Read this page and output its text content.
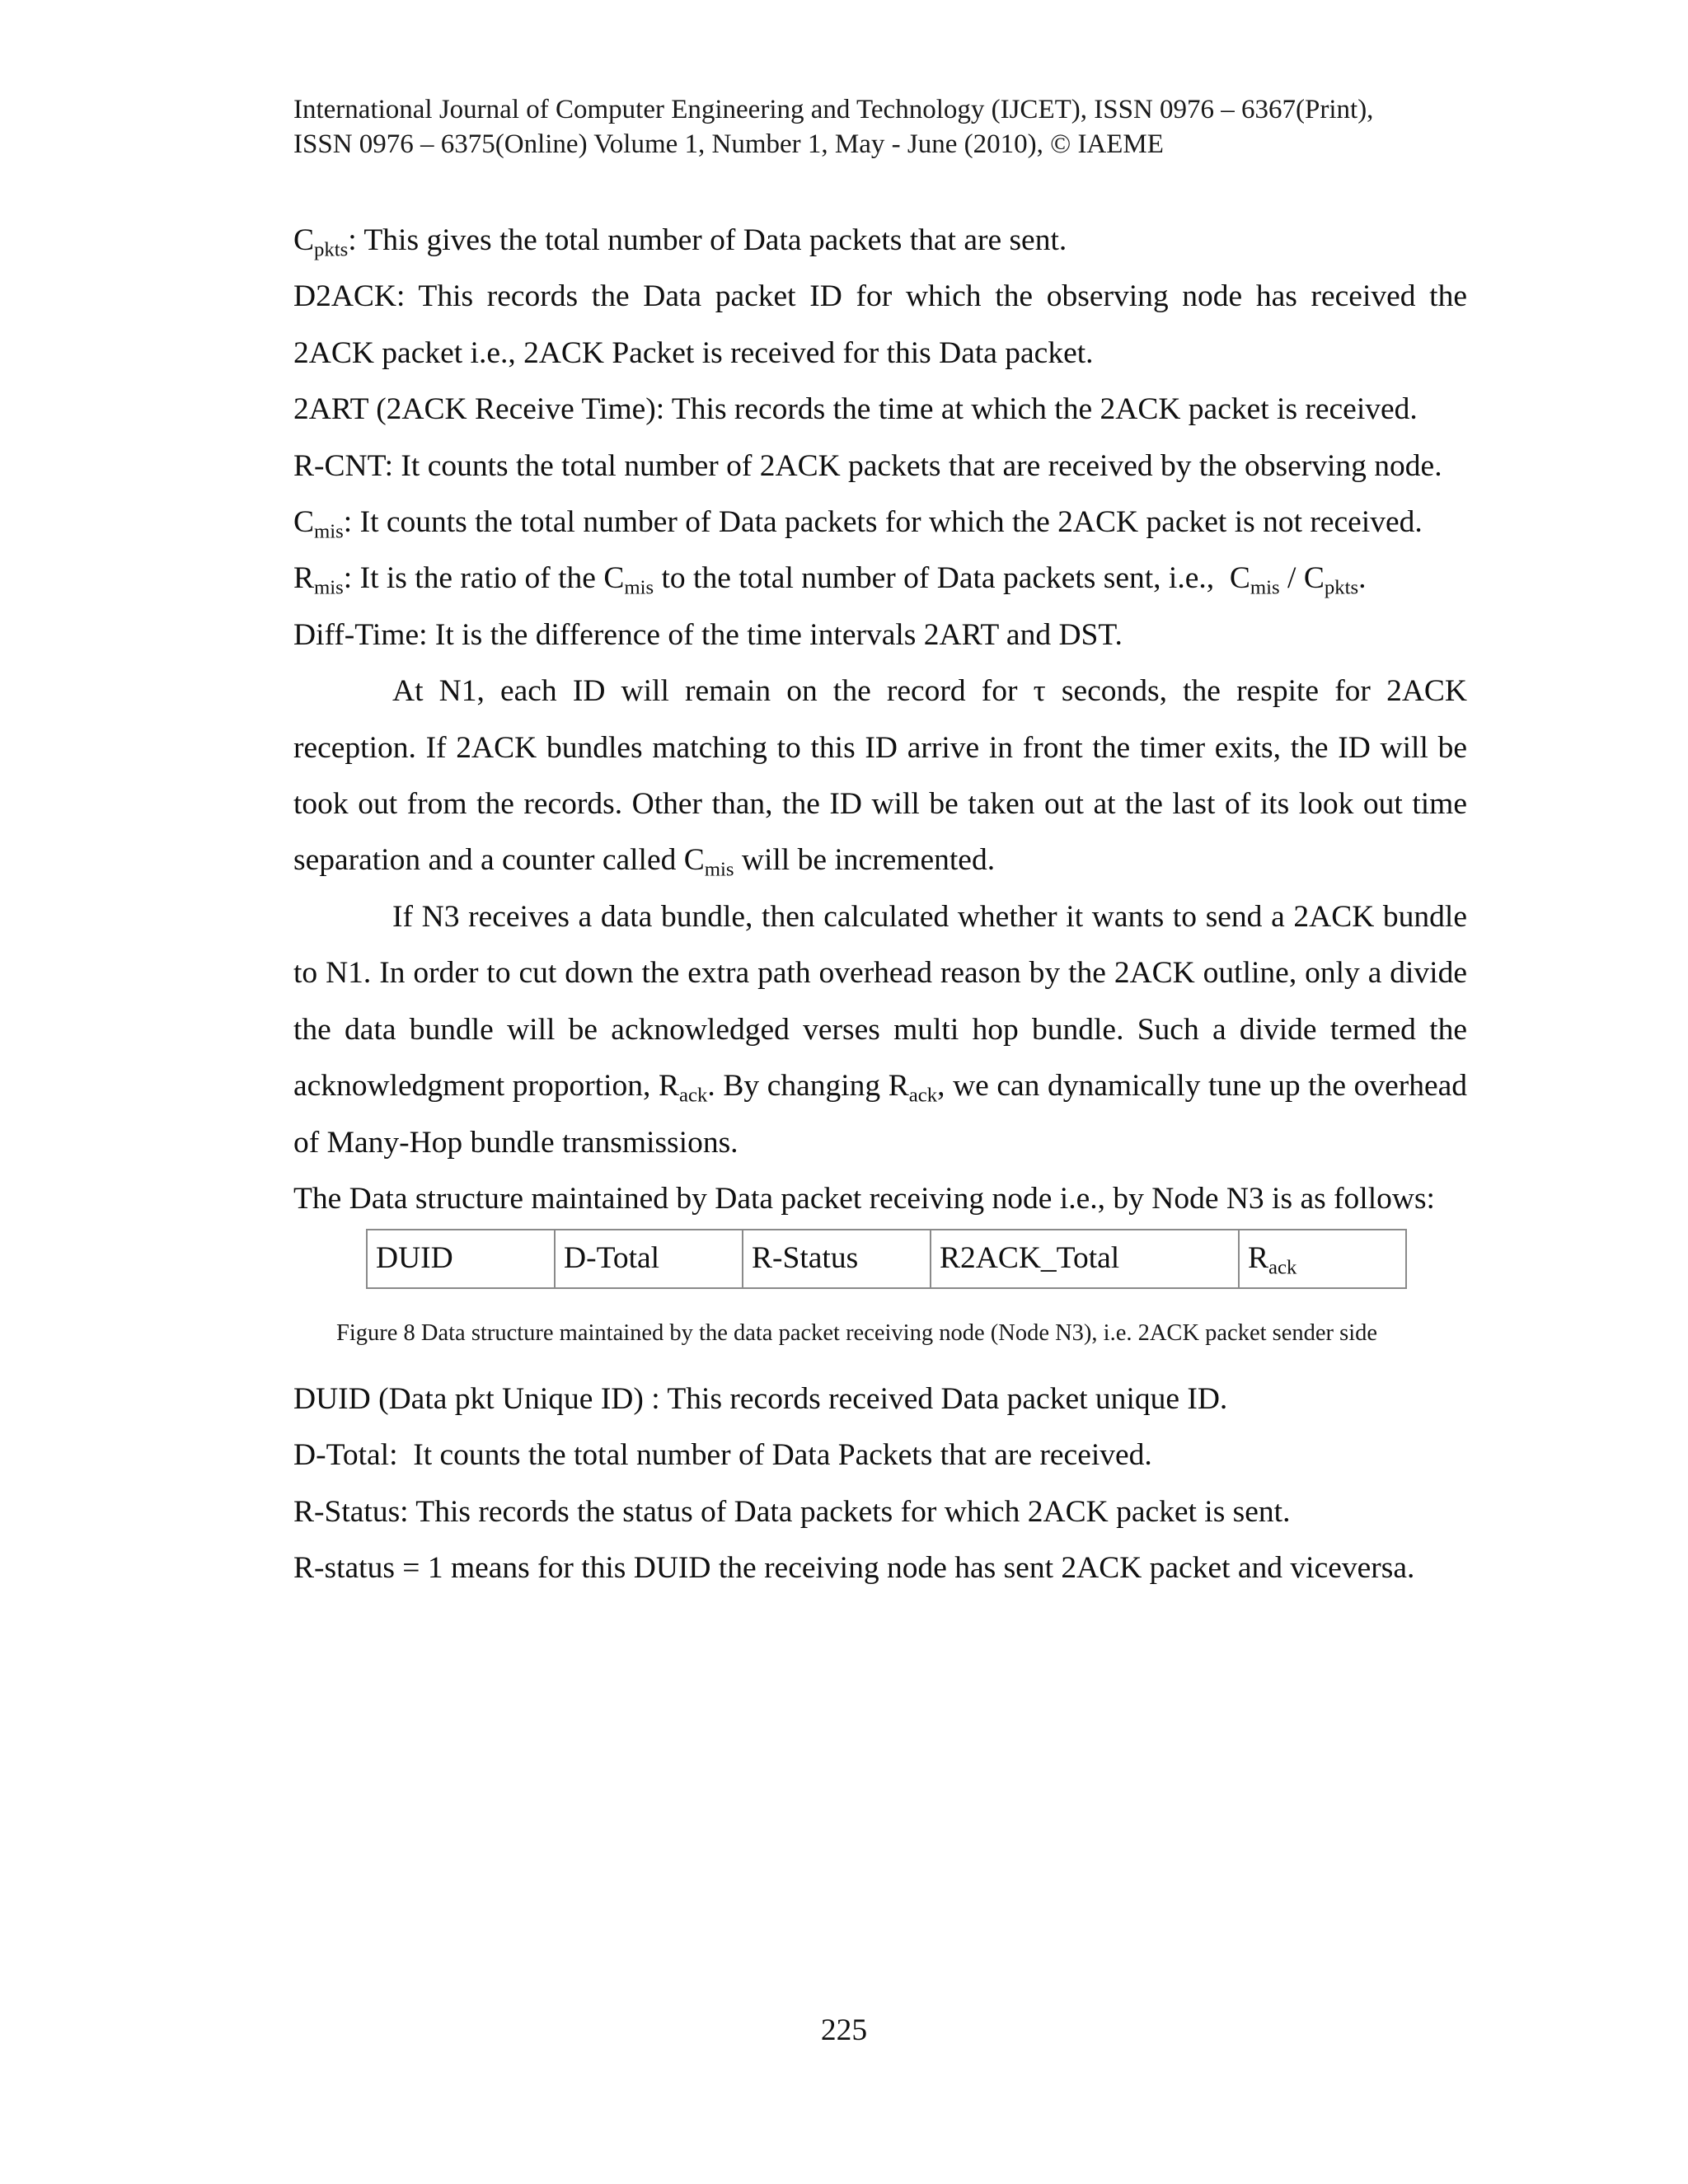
International Journal of Computer Engineering and Technology (IJCET), ISSN 0976 – 6367(Print),
ISSN 0976 – 6375(Online) Volume 1, Number 1, May - June (2010), © IAEME

$C_{pkts}$: This gives the total number of Data packets that are sent.

D2ACK: This records the Data packet ID for which the observing node has received the 2ACK packet i.e., 2ACK Packet is received for this Data packet.

2ART (2ACK Receive Time): This records the time at which the 2ACK packet is received.

R-CNT: It counts the total number of 2ACK packets that are received by the observing node.

$C_{mis}$: It counts the total number of Data packets for which the 2ACK packet is not received.

$R_{mis}$: It is the ratio of the $C_{mis}$ to the total number of Data packets sent, i.e.,  $C_{mis} / C_{pkts}$.

Diff-Time: It is the difference of the time intervals 2ART and DST.

At N1, each ID will remain on the record for τ seconds, the respite for 2ACK reception. If 2ACK bundles matching to this ID arrive in front the timer exits, the ID will be took out from the records. Other than, the ID will be taken out at the last of its look out time separation and a counter called $C_{mis}$ will be incremented.

If N3 receives a data bundle, then calculated whether it wants to send a 2ACK bundle to N1. In order to cut down the extra path overhead reason by the 2ACK outline, only a divide the data bundle will be acknowledged verses multi hop bundle. Such a divide termed the acknowledgment proportion, $R_{ack}$. By changing $R_{ack}$, we can dynamically tune up the overhead of Many-Hop bundle transmissions.

The Data structure maintained by Data packet receiving node i.e., by Node N3 is as follows:

DUID	D-Total	R-Status	R2ACK_Total	$R_{ack}$
Figure 8 Data structure maintained by the data packet receiving node (Node N3), i.e. 2ACK packet sender side

DUID (Data pkt Unique ID) : This records received Data packet unique ID.

D-Total:  It counts the total number of Data Packets that are received.

R-Status: This records the status of Data packets for which 2ACK packet is sent.

R-status = 1 means for this DUID the receiving node has sent 2ACK packet and viceversa.

225
